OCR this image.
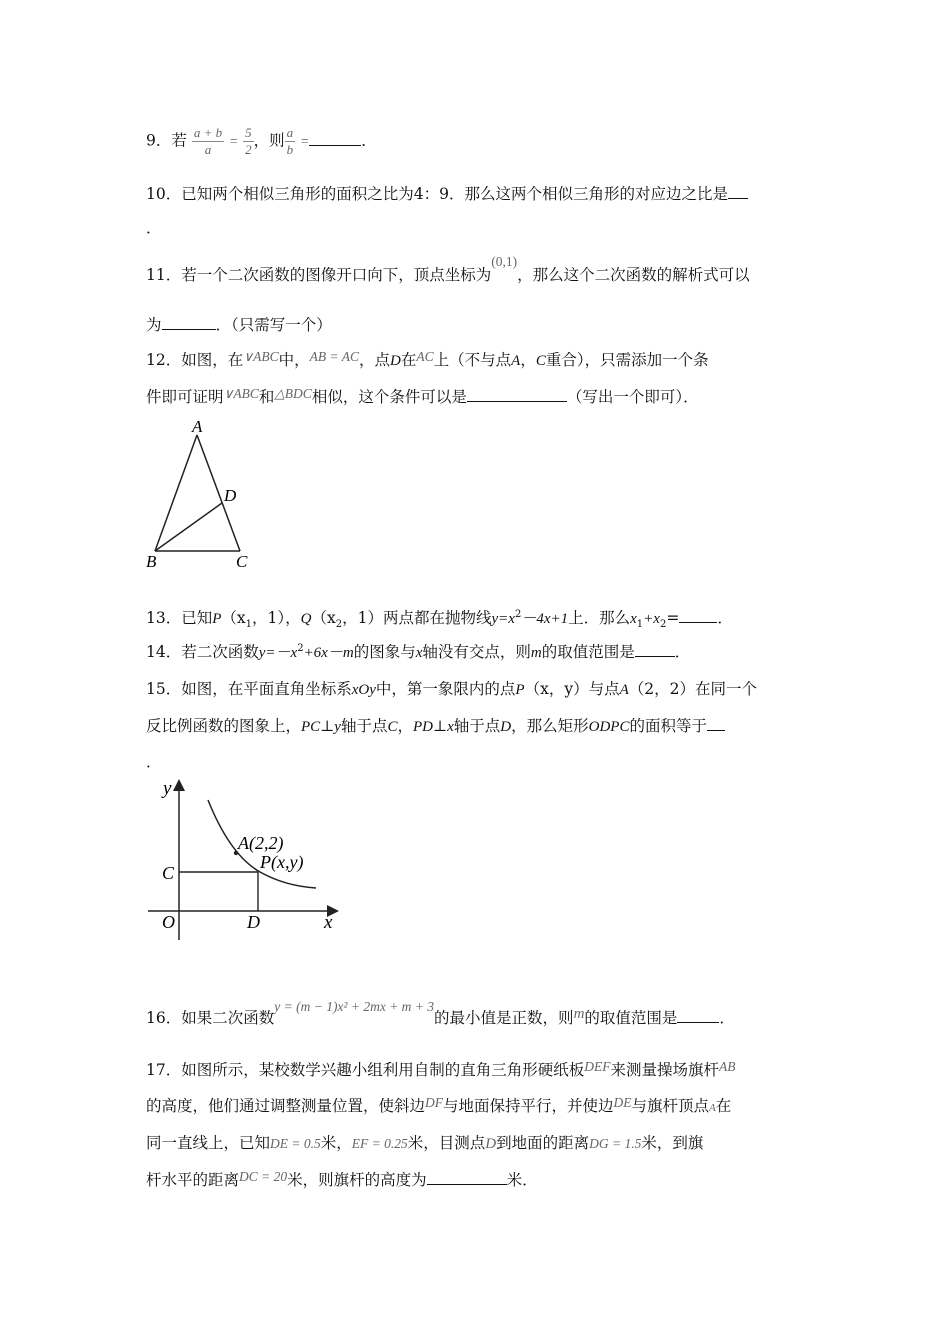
9．若 $\frac{a + b}{a} = \frac{5}{2}$ ，则 $\frac{a}{b}$ =	．
10．已知两个相似三角形的面积之比为4：9．那么这两个相似三角形的对应边之比是
．
11．若一个二次函数的图像开口向下，顶点坐标为(0,1)，那么这个二次函数的解析式可以
为	．（只需写一个）
12．如图，在∨ABC中，AB = AC，点D在AC上（不与点A，C重合），只需添加一个条
件即可证明∨ABC和△BDC相似，这个条件可以是	（写出一个即可）．
A
B	C
D
13．已知$P(x_1$，1），$Q(x_2$，1）两点都在抛物线$y=x^2-4x+1$上．那么$x_1+x_2=$ ．
14．若二次函数$y=-x^2+6x-m$的图象与x轴没有交点，则m的取值范围是	．
15．如图，在平面直角坐标系xOy中，第一象限内的点P（x，y）与点A（2，2）在同一个
反比例函数的图象上，PC⊥y轴于点C，PD⊥x轴于点D，那么矩形ODPC的面积等于
．
y
x
O
C
D
A(2,2)
P(x,y)
16．如果二次函数y = (m − 1)x² + 2mx + m + 3的最小值是正数，则m的取值范围是	．
17．如图所示，某校数学兴趣小组利用自制的直角三角形硬纸板DEF来测量操场旗杆AB
的高度，他们通过调整测量位置，使斜边DF与地面保持平行，并使边DE与旗杆顶点A在
同一直线上，已知DE = 0.5米，EF = 0.25米，目测点D到地面的距离DG = 1.5米，到旗
杆水平的距离DC = 20米，则旗杆的高度为	米．
